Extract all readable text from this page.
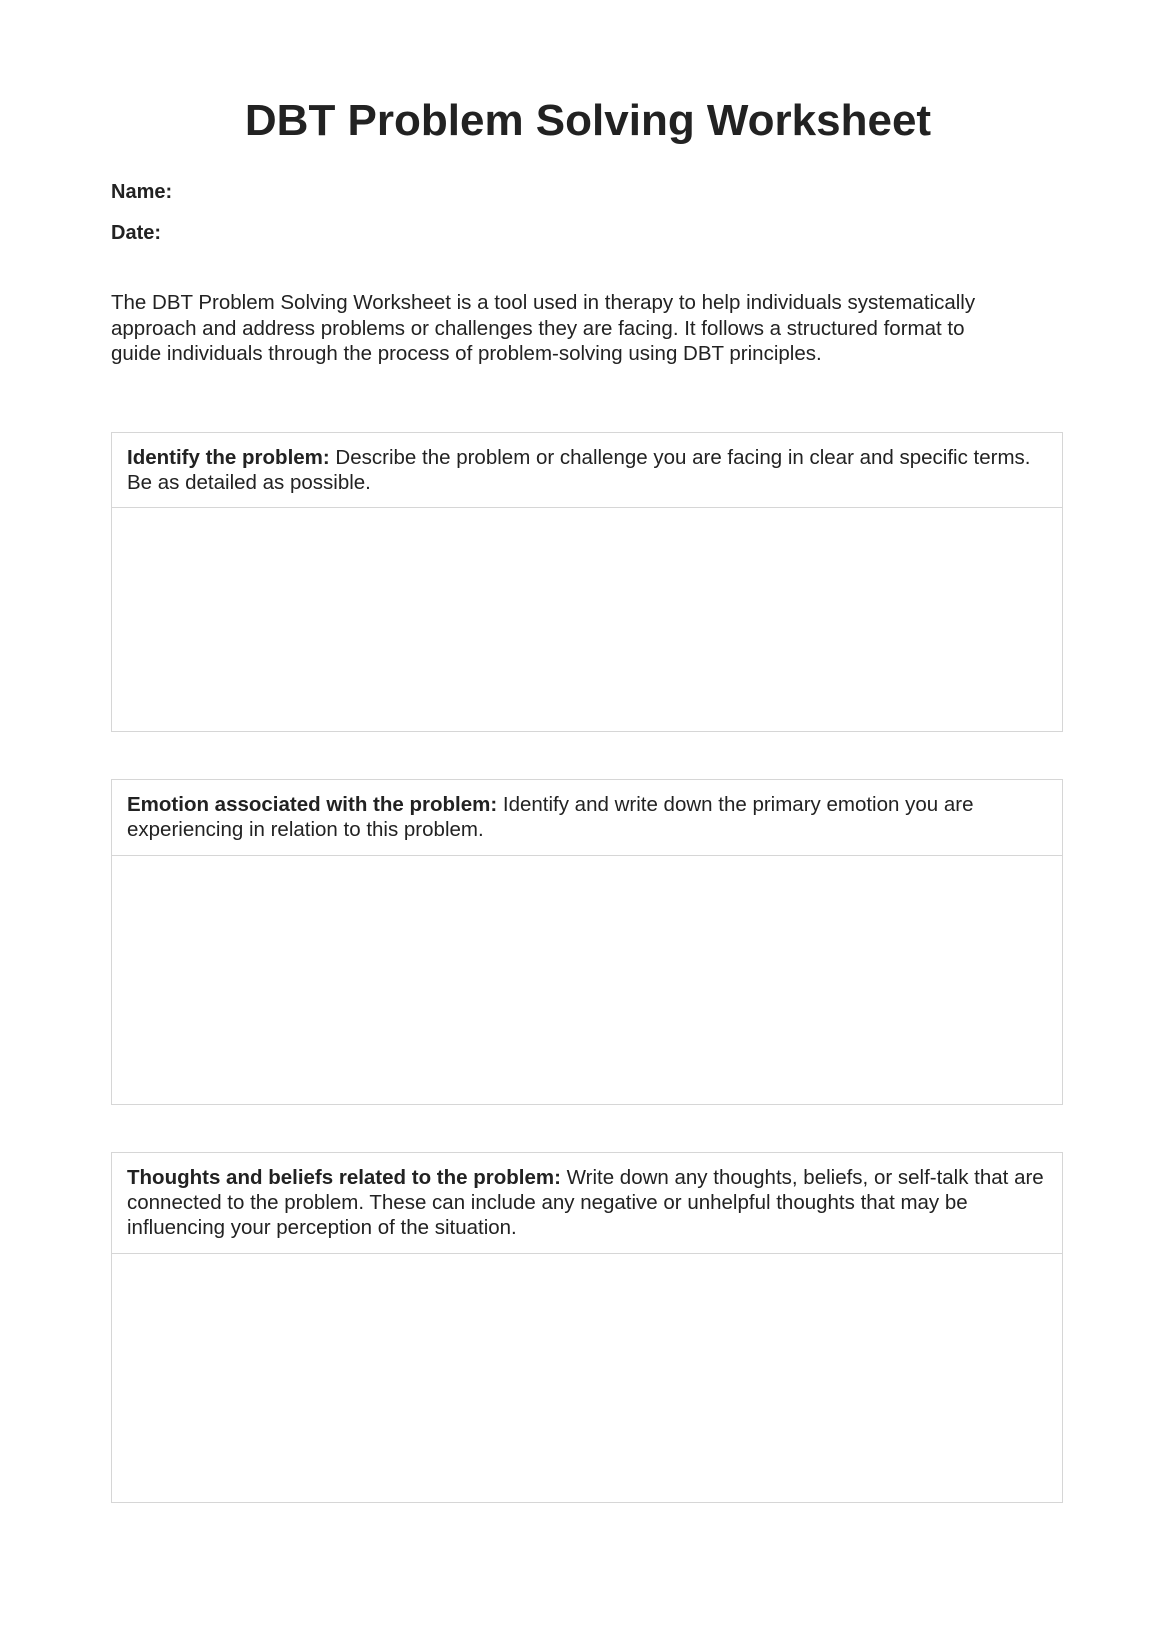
DBT Problem Solving Worksheet
Name:
Date:

The DBT Problem Solving Worksheet is a tool used in therapy to help individuals systematically approach and address problems or challenges they are facing. It follows a structured format to guide individuals through the process of problem-solving using DBT principles.

Identify the problem: Describe the problem or challenge you are facing in clear and specific terms. Be as detailed as possible.
Emotion associated with the problem: Identify and write down the primary emotion you are experiencing in relation to this problem.
Thoughts and beliefs related to the problem: Write down any thoughts, beliefs, or self-talk that are connected to the problem. These can include any negative or unhelpful thoughts that may be influencing your perception of the situation.
